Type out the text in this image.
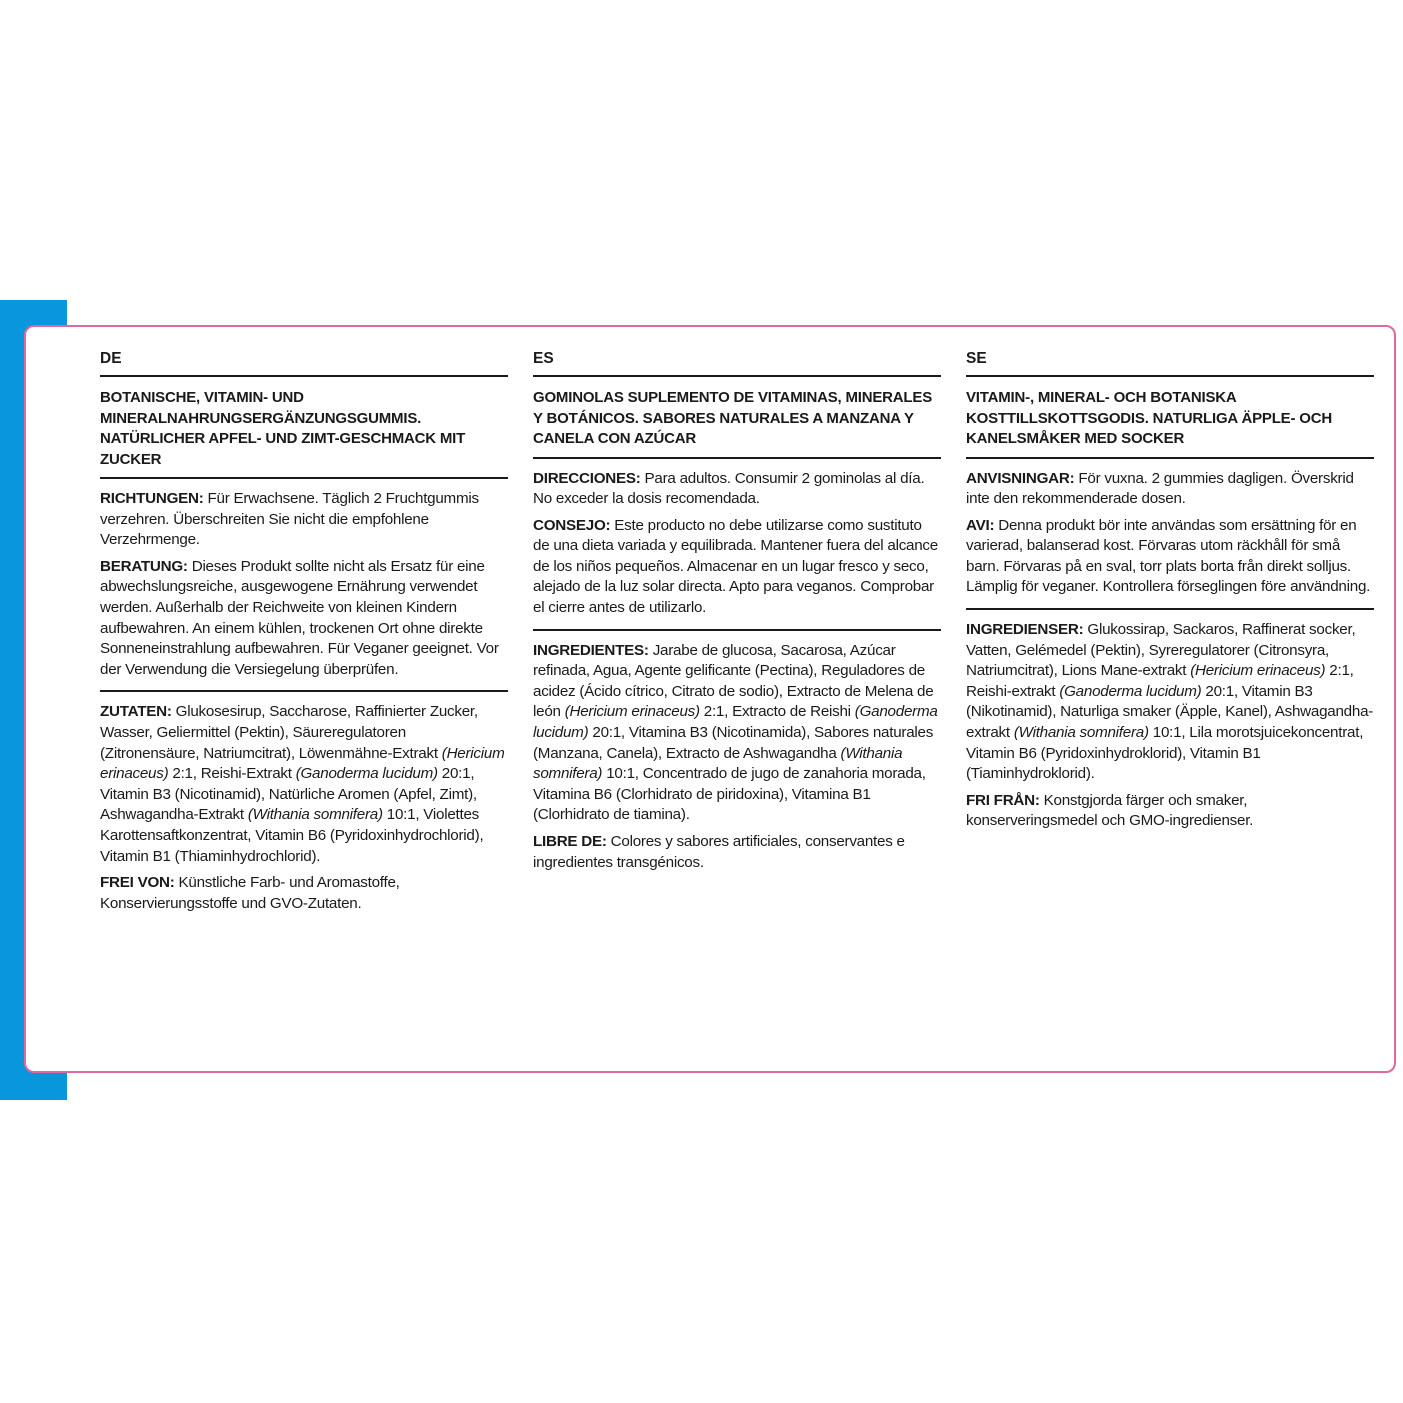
DE
BOTANISCHE, VITAMIN- UND MINERALNAHRUNGSERGÄNZUNGSGUMMIS. NATÜRLICHER APFEL- UND ZIMT-GESCHMACK MIT ZUCKER

RICHTUNGEN: Für Erwachsene. Täglich 2 Fruchtgummis verzehren. Überschreiten Sie nicht die empfohlene Verzehrmenge.

BERATUNG: Dieses Produkt sollte nicht als Ersatz für eine abwechslungsreiche, ausgewogene Ernährung verwendet werden. Außerhalb der Reichweite von kleinen Kindern aufbewahren. An einem kühlen, trockenen Ort ohne direkte Sonneneinstrahlung aufbewahren. Für Veganer geeignet. Vor der Verwendung die Versiegelung überprüfen.

ZUTATEN: Glukosesirup, Saccharose, Raffinierter Zucker, Wasser, Geliermittel (Pektin), Säureregulatoren (Zitronensäure, Natriumcitrat), Löwenmähne-Extrakt (Hericium erinaceus) 2:1, Reishi-Extrakt (Ganoderma lucidum) 20:1, Vitamin B3 (Nicotinamid), Natürliche Aromen (Apfel, Zimt), Ashwagandha-Extrakt (Withania somnifera) 10:1, Violettes Karottensaftkonzentrat, Vitamin B6 (Pyridoxinhydrochlorid), Vitamin B1 (Thiaminhydrochlorid).

FREI VON: Künstliche Farb- und Aromastoffe, Konservierungsstoffe und GVO-Zutaten.

ES
GOMINOLAS SUPLEMENTO DE VITAMINAS, MINERALES Y BOTÁNICOS. SABORES NATURALES A MANZANA Y CANELA CON AZÚCAR

DIRECCIONES: Para adultos. Consumir 2 gominolas al día. No exceder la dosis recomendada.

CONSEJO: Este producto no debe utilizarse como sustituto de una dieta variada y equilibrada. Mantener fuera del alcance de los niños pequeños. Almacenar en un lugar fresco y seco, alejado de la luz solar directa. Apto para veganos. Comprobar el cierre antes de utilizarlo.

INGREDIENTES: Jarabe de glucosa, Sacarosa, Azúcar refinada, Agua, Agente gelificante (Pectina), Reguladores de acidez (Ácido cítrico, Citrato de sodio), Extracto de Melena de león (Hericium erinaceus) 2:1, Extracto de Reishi (Ganoderma lucidum) 20:1, Vitamina B3 (Nicotinamida), Sabores naturales (Manzana, Canela), Extracto de Ashwagandha (Withania somnifera) 10:1, Concentrado de jugo de zanahoria morada, Vitamina B6 (Clorhidrato de piridoxina), Vitamina B1 (Clorhidrato de tiamina).

LIBRE DE: Colores y sabores artificiales, conservantes e ingredientes transgénicos.

SE
VITAMIN-, MINERAL- OCH BOTANISKA KOSTTILLSKOTTSGODIS. NATURLIGA ÄPPLE- OCH KANELSMÅKER MED SOCKER

ANVISNINGAR: För vuxna. 2 gummies dagligen. Överskrid inte den rekommenderade dosen.

AVI: Denna produkt bör inte användas som ersättning för en varierad, balanserad kost. Förvaras utom räckhåll för små barn. Förvaras på en sval, torr plats borta från direkt solljus. Lämplig för veganer. Kontrollera förseglingen före användning.

INGREDIENSER: Glukossirap, Sackaros, Raffinerat socker, Vatten, Gelémedel (Pektin), Syreregulatorer (Citronsyra, Natriumcitrat), Lions Mane-extrakt (Hericium erinaceus) 2:1, Reishi-extrakt (Ganoderma lucidum) 20:1, Vitamin B3 (Nikotinamid), Naturliga smaker (Äpple, Kanel), Ashwagandha-extrakt (Withania somnifera) 10:1, Lila morotsjuicekoncentrat, Vitamin B6 (Pyridoxinhydroklorid), Vitamin B1 (Tiaminhydroklorid).

FRI FRÅN: Konstgjorda färger och smaker, konserveringsmedel och GMO-ingredienser.
